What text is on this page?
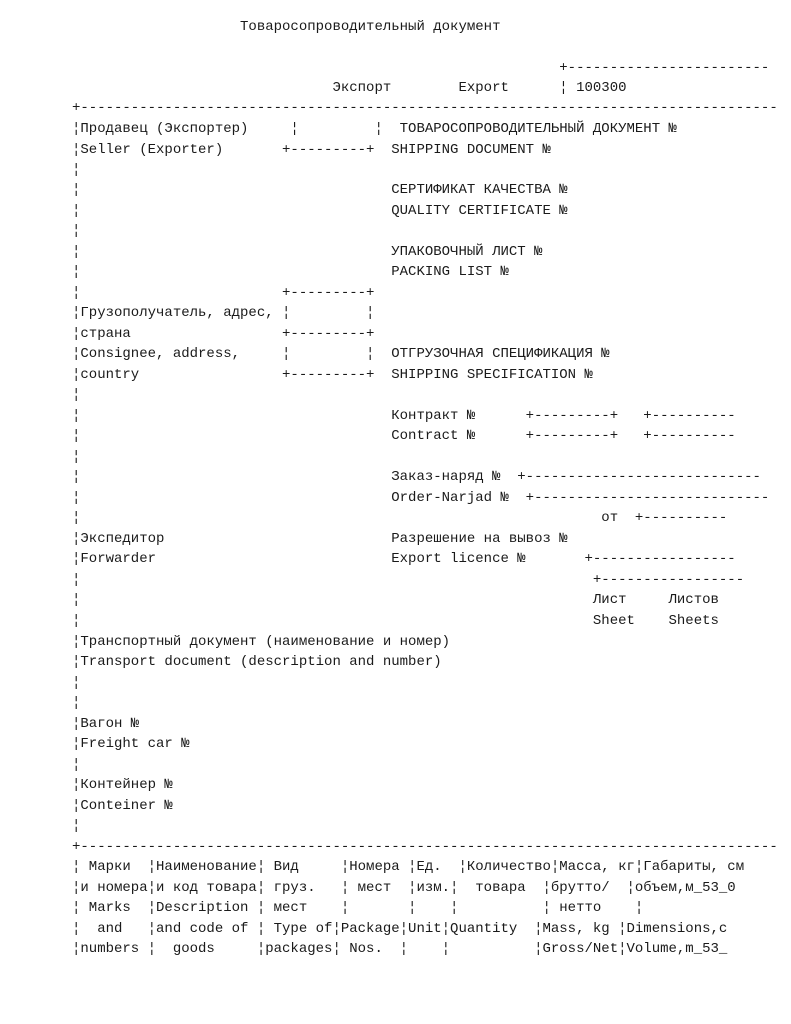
Товаросопроводительный документ
+------------------------
Экспорт        Export      ¦ 100300
+-----------------------------------------------------------------------------------
¦Продавец (Экспортер)     ¦         ¦  ТОВАРОСОПРОВОДИТЕЛЬНЫЙ ДОКУМЕНТ №
¦Seller (Exporter)       +---------+  SHIPPING DOCUMENT №
¦
¦                                     СЕРТИФИКАТ КАЧЕСТВА №
¦                                     QUALITY CERTIFICATE №
¦
¦                                     УПАКОВОЧНЫЙ ЛИСТ №
¦                                     PACKING LIST №
¦                        +---------+
¦Грузополучатель, адрес, ¦         ¦
¦страна                  +---------+
¦Consignee, address,     ¦         ¦  ОТГРУЗОЧНАЯ СПЕЦИФИКАЦИЯ №
¦country                 +---------+  SHIPPING SPECIFICATION №
¦
¦                                     Контракт №      +---------+   +----------
¦                                     Contract №      +---------+   +----------
¦
¦                                     Заказ-наряд №  +----------------------------
¦                                     Order-Narjad №  +----------------------------
¦                                                              от  +----------
¦Экспедитор                           Разрешение на вывоз №
¦Forwarder                            Export licence №       +-----------------
¦                                                             +-----------------
¦                                                             Лист     Листов
¦                                                             Sheet    Sheets
¦Транспортный документ (наименование и номер)
¦Transport document (description and number)
¦
¦
¦Вагон №
¦Freight car №
¦
¦Контейнер №
¦Conteiner №
¦
+-----------------------------------------------------------------------------------
¦ Марки  ¦Наименование¦ Вид     ¦Номера ¦Ед.  ¦Количество¦Масса, кг¦Габариты, см
¦и номера¦и код товара¦ груз.   ¦ мест  ¦изм.¦  товара  ¦брутто/  ¦объем,м_53_0
¦ Marks  ¦Description ¦ мест    ¦       ¦    ¦          ¦ нетто    ¦
¦  and   ¦and code of ¦ Type of¦Package¦Unit¦Quantity  ¦Mass, kg ¦Dimensions,c
¦numbers ¦  goods     ¦packages¦ Nos.  ¦    ¦          ¦Gross/Net¦Volume,m_53_
